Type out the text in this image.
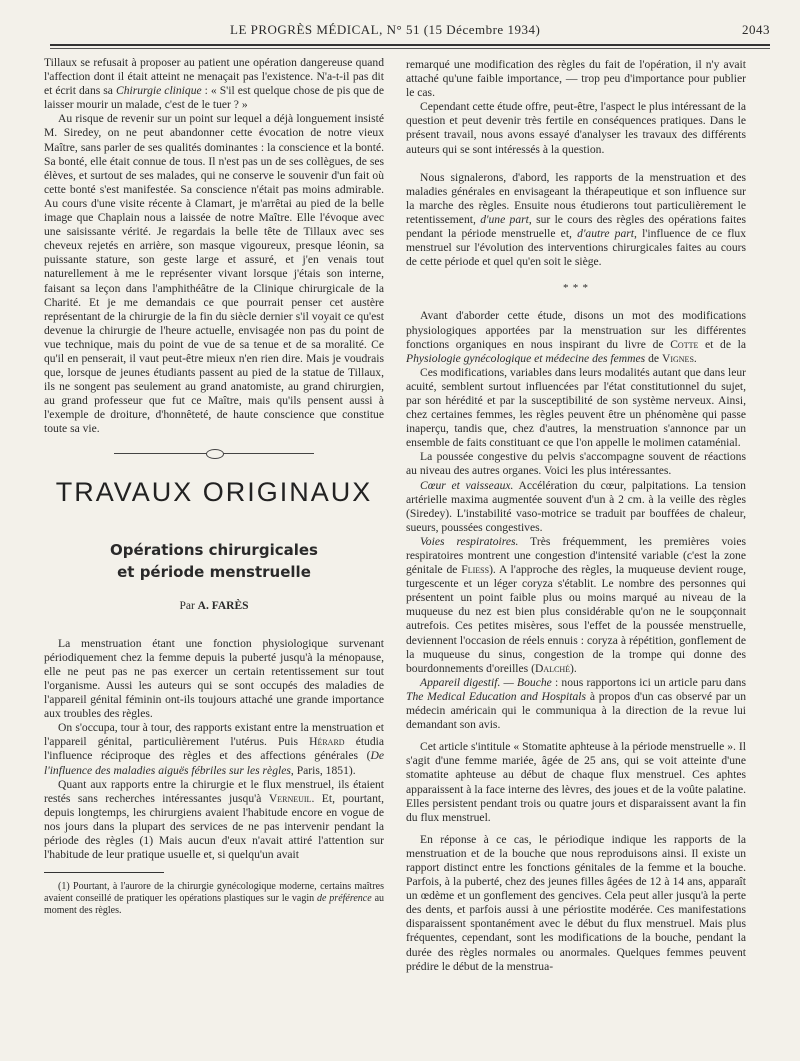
LE PROGRÈS MÉDICAL, N° 51 (15 Décembre 1934)	2043

Tillaux se refusait à proposer au patient une opération dangereuse quand l'affection dont il était atteint ne menaçait pas l'existence. N'a-t-il pas dit et écrit dans sa Chirurgie clinique : « S'il est quelque chose de pis que de laisser mourir un malade, c'est de le tuer ? »

Au risque de revenir sur un point sur lequel a déjà longuement insisté M. Siredey, on ne peut abandonner cette évocation de notre vieux Maître, sans parler de ses qualités dominantes : la conscience et la bonté. Sa bonté, elle était connue de tous. Il n'est pas un de ses collègues, de ses élèves, et surtout de ses malades, qui ne conserve le souvenir d'un fait où cette bonté s'est manifestée. Sa conscience n'était pas moins admirable. Au cours d'une visite récente à Clamart, je m'arrêtai au pied de la belle image que Chaplain nous a laissée de notre Maître. Elle l'évoque avec une saisissante vérité. Je regardais la belle tête de Tillaux avec ses cheveux rejetés en arrière, son masque vigoureux, presque léonin, sa puissante stature, son geste large et assuré, et j'en venais tout naturellement à me le représenter vivant lorsque j'étais son interne, faisant sa leçon dans l'amphithéâtre de la Clinique chirurgicale de la Charité. Et je me demandais ce que pourrait penser cet austère représentant de la chirurgie de la fin du siècle dernier s'il voyait ce qu'est devenue la chirurgie de l'heure actuelle, envisagée non pas du point de vue technique, mais du point de vue de sa tenue et de sa moralité. Ce qu'il en penserait, il vaut peut-être mieux n'en rien dire. Mais je voudrais que, lorsque de jeunes étudiants passent au pied de la statue de Tillaux, ils ne songent pas seulement au grand anatomiste, au grand chirurgien, au grand professeur que fut ce Maître, mais qu'ils pensent aussi à l'exemple de droiture, d'honnêteté, de haute conscience que constitue toute sa vie.

TRAVAUX ORIGINAUX
Opérations chirurgicales
et période menstruelle
Par A. FARÈS

La menstruation étant une fonction physiologique survenant périodiquement chez la femme depuis la puberté jusqu'à la ménopause, elle ne peut pas ne pas exercer un certain retentissement sur tout l'organisme. Aussi les auteurs qui se sont occupés des maladies de l'appareil génital féminin ont-ils toujours attaché une grande importance aux troubles des règles.

On s'occupa, tour à tour, des rapports existant entre la menstruation et l'appareil génital, particulièrement l'utérus. Puis Hérard étudia l'influence réciproque des règles et des affections générales (De l'influence des maladies aiguës fébriles sur les règles, Paris, 1851).

Quant aux rapports entre la chirurgie et le flux menstruel, ils étaient restés sans recherches intéressantes jusqu'à Verneuil. Et, pourtant, depuis longtemps, les chirurgiens avaient l'habitude encore en vogue de nos jours dans la plupart des services de ne pas intervenir pendant la période des règles (1) Mais aucun d'eux n'avait attiré l'attention sur l'habitude de leur pratique usuelle et, si quelqu'un avait

(1) Pourtant, à l'aurore de la chirurgie gynécologique moderne, certains maîtres avaient conseillé de pratiquer les opérations plastiques sur le vagin de préférence au moment des règles.

remarqué une modification des règles du fait de l'opération, il n'y avait attaché qu'une faible importance, — trop peu d'importance pour publier le cas.

Cependant cette étude offre, peut-être, l'aspect le plus intéressant de la question et peut devenir très fertile en conséquences pratiques. Dans le présent travail, nous avons essayé d'analyser les travaux des différents auteurs qui se sont intéressés à la question.

Nous signalerons, d'abord, les rapports de la menstruation et des maladies générales en envisageant la thérapeutique et son influence sur la marche des règles. Ensuite nous étudierons tout particulièrement le retentissement, d'une part, sur le cours des règles des opérations faites pendant la période menstruelle et, d'autre part, l'influence de ce flux menstruel sur l'évolution des interventions chirurgicales faites au cours de cette période et quel qu'en soit le siège.

* * *

Avant d'aborder cette étude, disons un mot des modifications physiologiques apportées par la menstruation sur les différentes fonctions organiques en nous inspirant du livre de Cotte et de la Physiologie gynécologique et médecine des femmes de Vignes.

Ces modifications, variables dans leurs modalités autant que dans leur acuité, semblent surtout influencées par l'état constitutionnel du sujet, par son hérédité et par la susceptibilité de son système nerveux. Ainsi, chez certaines femmes, les règles peuvent être un phénomène qui passe inaperçu, tandis que, chez d'autres, la menstruation s'annonce par un ensemble de faits constituant ce que l'on appelle le molimen cataménial.

La poussée congestive du pelvis s'accompagne souvent de réactions au niveau des autres organes. Voici les plus intéressantes.

Cœur et vaisseaux. Accélération du cœur, palpitations. La tension artérielle maxima augmentée souvent d'un à 2 cm. à la veille des règles (Siredey). L'instabilité vaso-motrice se traduit par bouffées de chaleur, sueurs, poussées congestives.

Voies respiratoires. Très fréquemment, les premières voies respiratoires montrent une congestion d'intensité variable (c'est la zone génitale de Fliess). A l'approche des règles, la muqueuse devient rouge, turgescente et un léger coryza s'établit. Le nombre des personnes qui présentent un point faible plus ou moins marqué au niveau de la muqueuse du nez est bien plus considérable qu'on ne le soupçonnait autrefois. Ces petites misères, sous l'effet de la poussée menstruelle, deviennent l'occasion de réels ennuis : coryza à répétition, gonflement de la muqueuse du sinus, congestion de la trompe qui donne des bourdonnements d'oreilles (Dalché).

Appareil digestif. — Bouche : nous rapportons ici un article paru dans The Medical Education and Hospitals à propos d'un cas observé par un médecin américain qui le communiqua à la direction de la revue lui demandant son avis.

Cet article s'intitule « Stomatite aphteuse à la période menstruelle ». Il s'agit d'une femme mariée, âgée de 25 ans, qui se voit atteinte d'une stomatite aphteuse au début de chaque flux menstruel. Ces aphtes apparaissent à la face interne des lèvres, des joues et de la voûte palatine. Elles persistent pendant trois ou quatre jours et disparaissent avant la fin du flux menstruel.

En réponse à ce cas, le périodique indique les rapports de la menstruation et de la bouche que nous reproduisons ainsi. Il existe un rapport distinct entre les fonctions génitales de la femme et la bouche. Parfois, à la puberté, chez des jeunes filles âgées de 12 à 14 ans, apparaît un œdème et un gonflement des gencives. Cela peut aller jusqu'à la perte des dents, et parfois aussi à une périostite modérée. Ces manifestations disparaissent spontanément avec le début du flux menstruel. Mais plus fréquentes, cependant, sont les modifications de la bouche, pendant la durée des règles normales ou anormales. Quelques femmes peuvent prédire le début de la menstrua-
